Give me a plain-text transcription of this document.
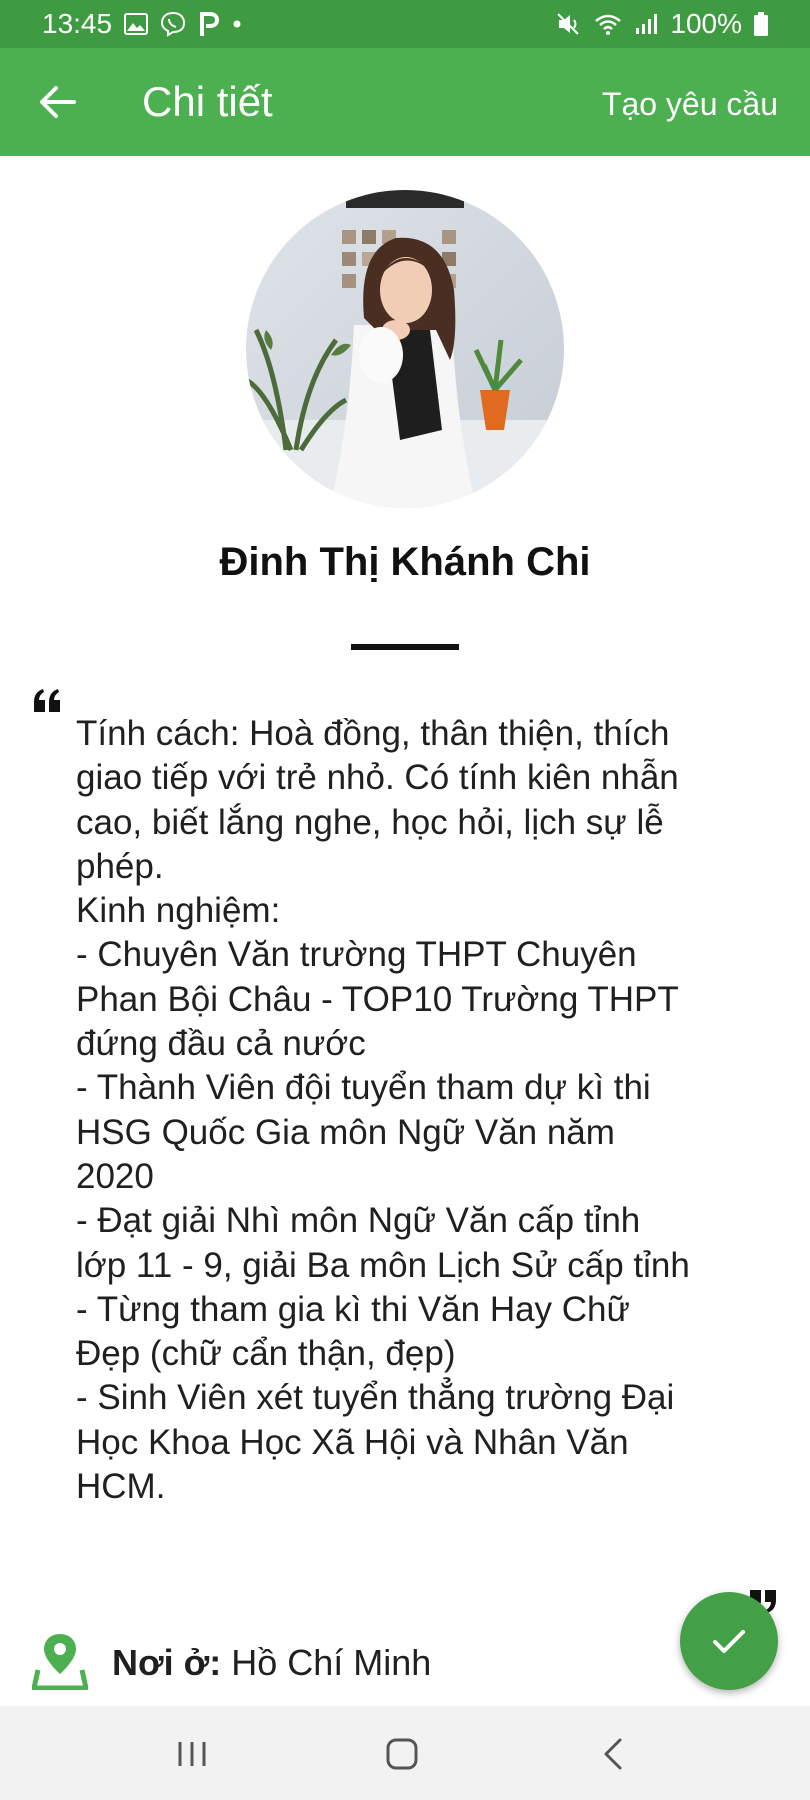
13:45	100%
Chi tiết	Tạo yêu cầu
Đinh Thị Khánh Chi
Tính cách: Hoà đồng, thân thiện, thích
giao tiếp với trẻ nhỏ. Có tính kiên nhẫn
cao, biết lắng nghe, học hỏi, lịch sự lễ
phép.
Kinh nghiệm:
- Chuyên Văn trường THPT Chuyên
Phan Bội Châu - TOP10 Trường THPT
đứng đầu cả nước
- Thành Viên đội tuyển tham dự kì thi
HSG Quốc Gia môn Ngữ Văn năm
2020
- Đạt giải Nhì môn Ngữ Văn cấp tỉnh
lớp 11 - 9, giải Ba môn Lịch Sử cấp tỉnh
- Từng tham gia kì thi Văn Hay Chữ
Đẹp (chữ cẩn thận, đẹp)
- Sinh Viên xét tuyển thẳng trường Đại
Học Khoa Học Xã Hội và Nhân Văn
HCM.
Nơi ở: Hồ Chí Minh
